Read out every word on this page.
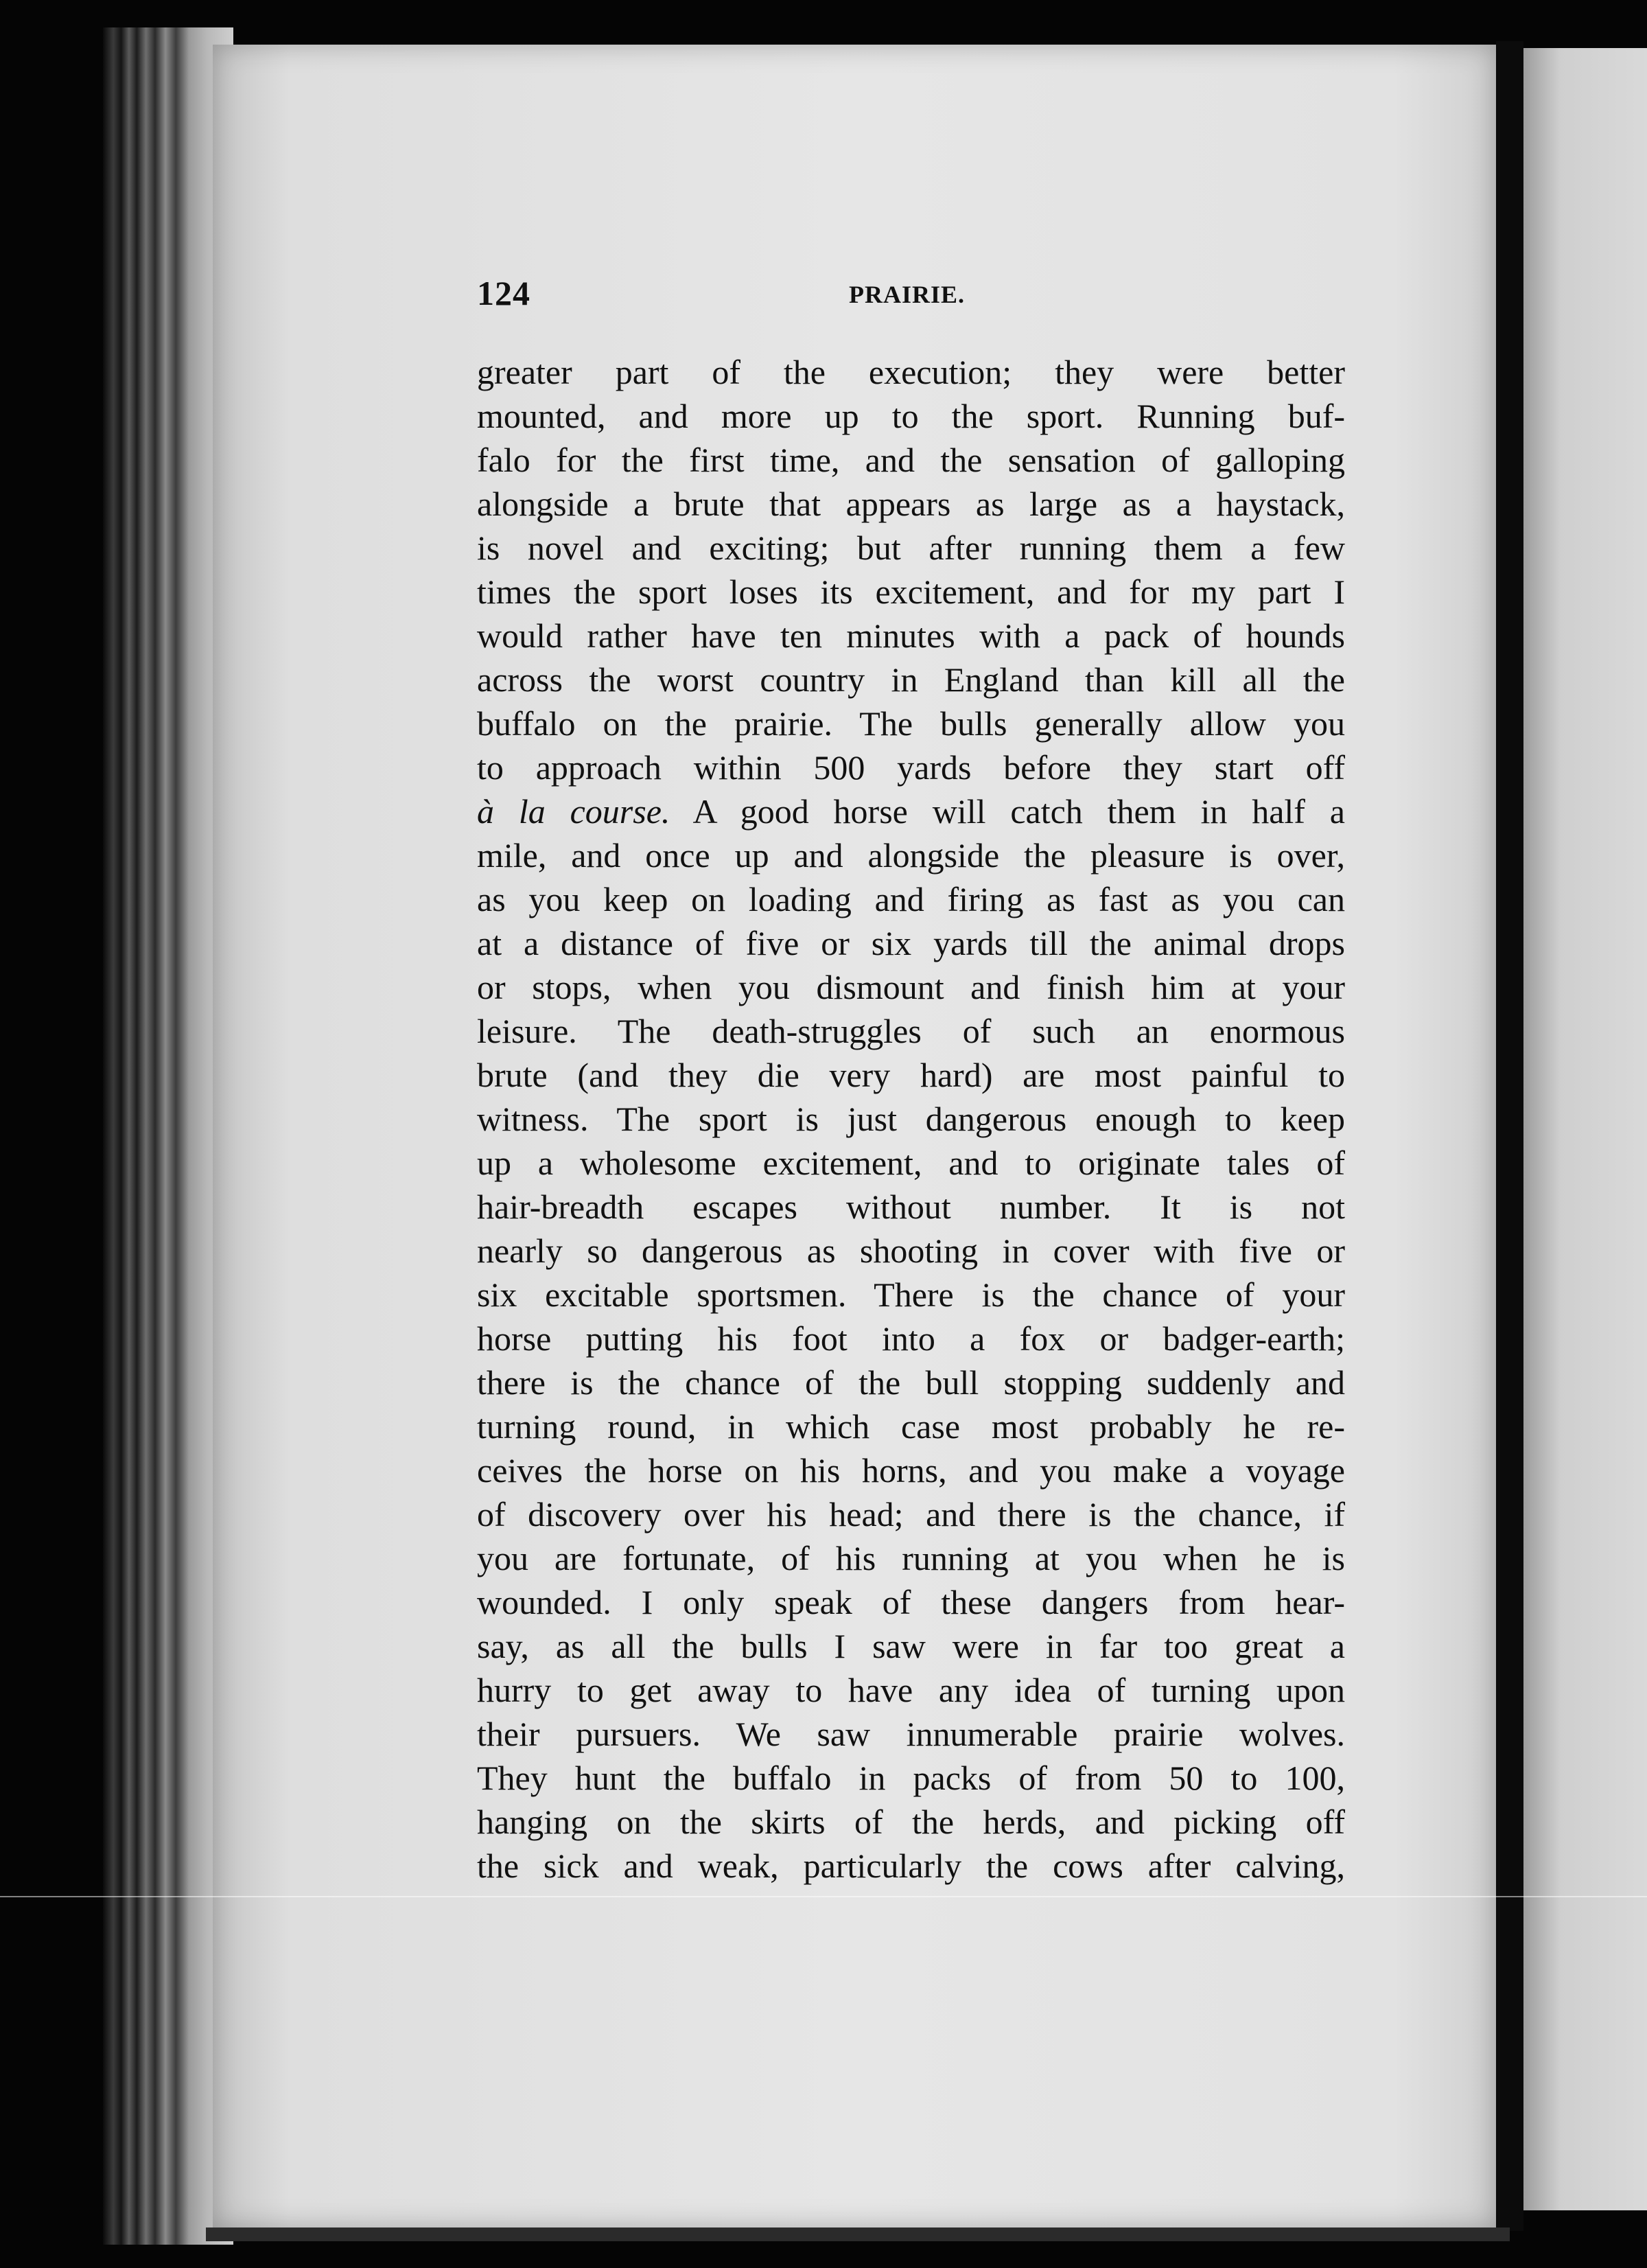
124	PRAIRIE.
greater part of the execution; they were better
mounted, and more up to the sport. Running buf-
falo for the first time, and the sensation of galloping
alongside a brute that appears as large as a haystack,
is novel and exciting; but after running them a few
times the sport loses its excitement, and for my part I
would rather have ten minutes with a pack of hounds
across the worst country in England than kill all the
buffalo on the prairie. The bulls generally allow you
to approach within 500 yards before they start off
à la course. A good horse will catch them in half a
mile, and once up and alongside the pleasure is over,
as you keep on loading and firing as fast as you can
at a distance of five or six yards till the animal drops
or stops, when you dismount and finish him at your
leisure. The death-struggles of such an enormous
brute (and they die very hard) are most painful to
witness. The sport is just dangerous enough to keep
up a wholesome excitement, and to originate tales of
hair-breadth escapes without number. It is not
nearly so dangerous as shooting in cover with five or
six excitable sportsmen. There is the chance of your
horse putting his foot into a fox or badger-earth;
there is the chance of the bull stopping suddenly and
turning round, in which case most probably he re-
ceives the horse on his horns, and you make a voyage
of discovery over his head; and there is the chance, if
you are fortunate, of his running at you when he is
wounded. I only speak of these dangers from hear-
say, as all the bulls I saw were in far too great a
hurry to get away to have any idea of turning upon
their pursuers. We saw innumerable prairie wolves.
They hunt the buffalo in packs of from 50 to 100,
hanging on the skirts of the herds, and picking off
the sick and weak, particularly the cows after calving,
